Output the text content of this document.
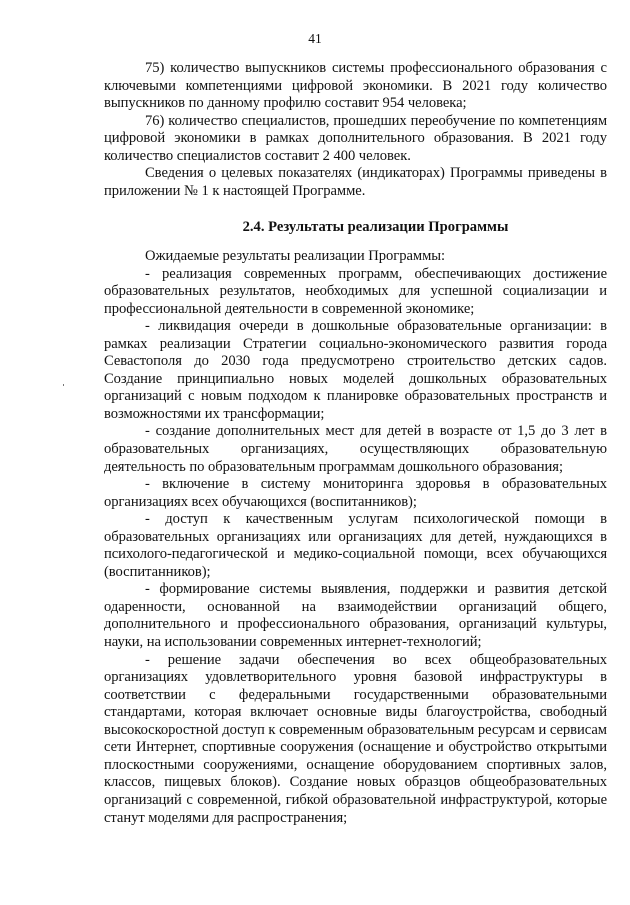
41

75) количество выпускников системы профессионального образования с ключевыми компетенциями цифровой экономики. В 2021 году количество выпускников по данному профилю составит 954 человека;

76) количество специалистов, прошедших переобучение по компетенциям цифровой экономики в рамках дополнительного образования. В 2021 году количество специалистов составит 2 400 человек.

Сведения о целевых показателях (индикаторах) Программы приведены в приложении № 1 к настоящей Программе.

2.4. Результаты реализации Программы

Ожидаемые результаты реализации Программы:

- реализация современных программ, обеспечивающих достижение образовательных результатов, необходимых для успешной социализации и профессиональной деятельности в современной экономике;

- ликвидация очереди в дошкольные образовательные организации: в рамках реализации Стратегии социально-экономического развития города Севастополя до 2030 года предусмотрено строительство детских садов. Создание принципиально новых моделей дошкольных образовательных организаций с новым подходом к планировке образовательных пространств и возможностями их трансформации;

- создание дополнительных мест для детей в возрасте от 1,5 до 3 лет в образовательных организациях, осуществляющих образовательную деятельность по образовательным программам дошкольного образования;

- включение в систему мониторинга здоровья в образовательных организациях всех обучающихся (воспитанников);

- доступ к качественным услугам психологической помощи в образовательных организациях или организациях для детей, нуждающихся в психолого-педагогической и медико-социальной помощи, всех обучающихся (воспитанников);

- формирование системы выявления, поддержки и развития детской одаренности, основанной на взаимодействии организаций общего, дополнительного и профессионального образования, организаций культуры, науки, на использовании современных интернет-технологий;

- решение задачи обеспечения во всех общеобразовательных организациях удовлетворительного уровня базовой инфраструктуры в соответствии с федеральными государственными образовательными стандартами, которая включает основные виды благоустройства, свободный высокоскоростной доступ к современным образовательным ресурсам и сервисам сети Интернет, спортивные сооружения (оснащение и обустройство открытыми плоскостными сооружениями, оснащение оборудованием спортивных залов, классов, пищевых блоков). Создание новых образцов общеобразовательных организаций с современной, гибкой образовательной инфраструктурой, которые станут моделями для распространения;
